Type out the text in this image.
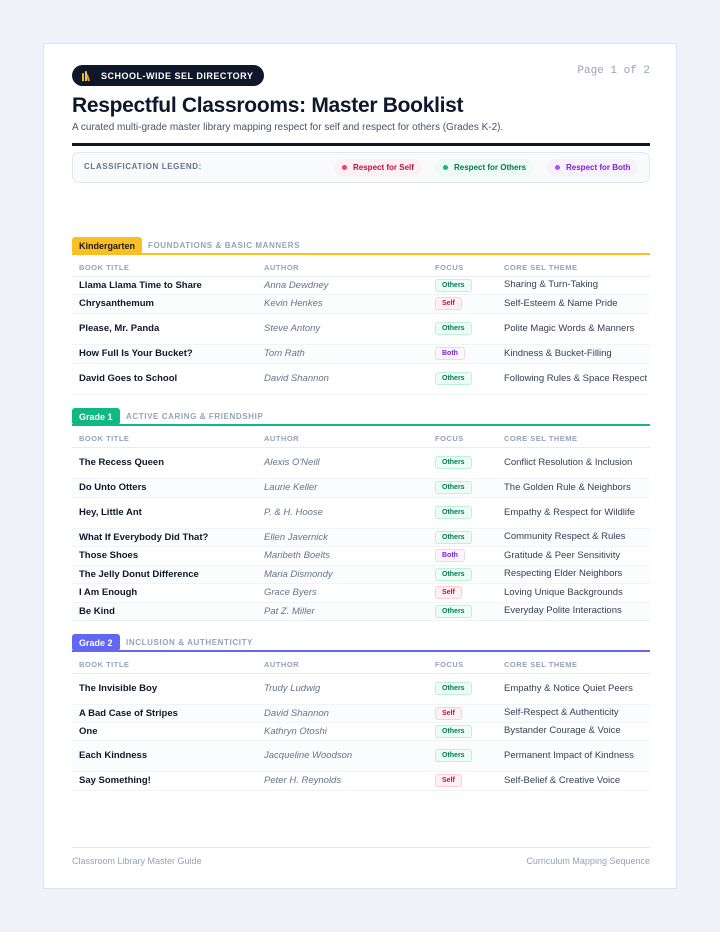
SCHOOL-WIDE SEL DIRECTORY	Page 1 of 2
Respectful Classrooms: Master Booklist
A curated multi-grade master library mapping respect for self and respect for others (Grades K-2).
CLASSIFICATION LEGEND:	Respect for Self	Respect for Others	Respect for Both
Kindergarten	FOUNDATIONS & BASIC MANNERS
BOOK TITLE	AUTHOR	FOCUS	CORE SEL THEME
Llama Llama Time to Share	Anna Dewdney	Others	Sharing & Turn-Taking
Chrysanthemum	Kevin Henkes	Self	Self-Esteem & Name Pride
Please, Mr. Panda	Steve Antony	Others	Polite Magic Words & Manners
How Full Is Your Bucket?	Tom Rath	Both	Kindness & Bucket-Filling
David Goes to School	David Shannon	Others	Following Rules & Space Respect
Grade 1	ACTIVE CARING & FRIENDSHIP
BOOK TITLE	AUTHOR	FOCUS	CORE SEL THEME
The Recess Queen	Alexis O'Neill	Others	Conflict Resolution & Inclusion
Do Unto Otters	Laurie Keller	Others	The Golden Rule & Neighbors
Hey, Little Ant	P. & H. Hoose	Others	Empathy & Respect for Wildlife
What If Everybody Did That?	Ellen Javernick	Others	Community Respect & Rules
Those Shoes	Maribeth Boelts	Both	Gratitude & Peer Sensitivity
The Jelly Donut Difference	Maria Dismondy	Others	Respecting Elder Neighbors
I Am Enough	Grace Byers	Self	Loving Unique Backgrounds
Be Kind	Pat Z. Miller	Others	Everyday Polite Interactions
Grade 2	INCLUSION & AUTHENTICITY
BOOK TITLE	AUTHOR	FOCUS	CORE SEL THEME
The Invisible Boy	Trudy Ludwig	Others	Empathy & Notice Quiet Peers
A Bad Case of Stripes	David Shannon	Self	Self-Respect & Authenticity
One	Kathryn Otoshi	Others	Bystander Courage & Voice
Each Kindness	Jacqueline Woodson	Others	Permanent Impact of Kindness
Say Something!	Peter H. Reynolds	Self	Self-Belief & Creative Voice
Classroom Library Master Guide	Curriculum Mapping Sequence
